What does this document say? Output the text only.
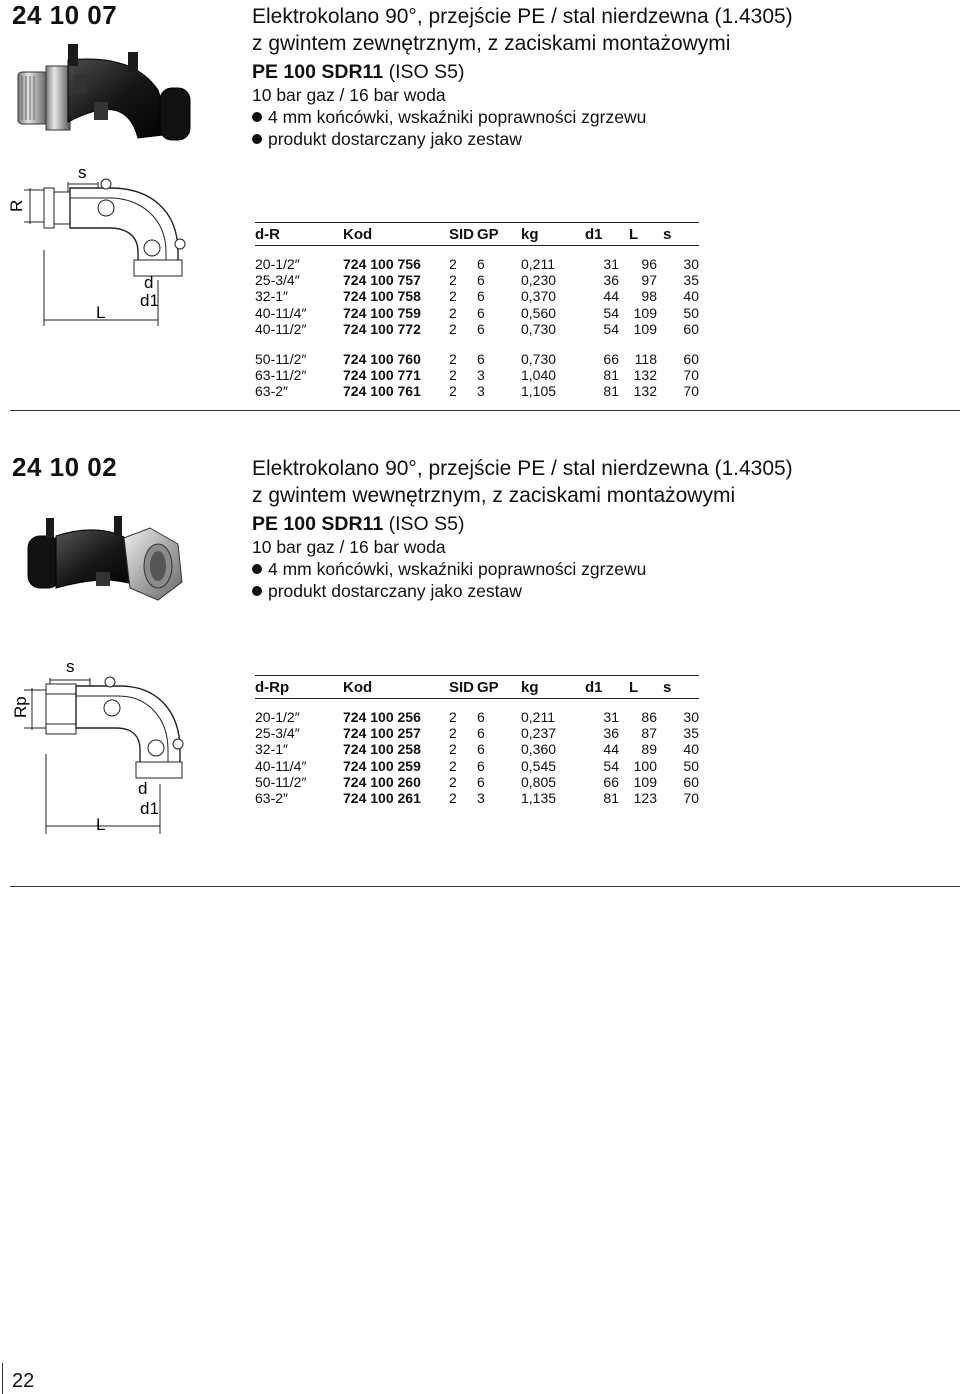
24 10 07	Elektrokolano 90°, przejście PE / stal nierdzewna (1.4305)
z gwintem zewnętrznym, z zaciskami montażowymi
PE 100 SDR11 (ISO S5)
10 bar gaz / 16 bar woda
4 mm końcówki, wskaźniki poprawności zgrzewu
produkt dostarczany jako zestaw
s
R
d
d1
L
d-R	Kod	SID	GP	kg	d1	L	s
20-1/2″	724 100 756	2	6	0,211	31	96	30
25-3/4″	724 100 757	2	6	0,230	36	97	35
32-1″	724 100 758	2	6	0,370	44	98	40
40-11/4″	724 100 759	2	6	0,560	54	109	50
40-11/2″	724 100 772	2	6	0,730	54	109	60

50-11/2″	724 100 760	2	6	0,730	66	118	60
63-11/2″	724 100 771	2	3	1,040	81	132	70
63-2″	724 100 761	2	3	1,105	81	132	70
24 10 02	Elektrokolano 90°, przejście PE / stal nierdzewna (1.4305)
z gwintem wewnętrznym, z zaciskami montażowymi
PE 100 SDR11 (ISO S5)
10 bar gaz / 16 bar woda
4 mm końcówki, wskaźniki poprawności zgrzewu
produkt dostarczany jako zestaw
s
Rp
d
d1
L
d-Rp	Kod	SID	GP	kg	d1	L	s
20-1/2″	724 100 256	2	6	0,211	31	86	30
25-3/4″	724 100 257	2	6	0,237	36	87	35
32-1″	724 100 258	2	6	0,360	44	89	40
40-11/4″	724 100 259	2	6	0,545	54	100	50
50-11/2″	724 100 260	2	6	0,805	66	109	60
63-2″	724 100 261	2	3	1,135	81	123	70
22
